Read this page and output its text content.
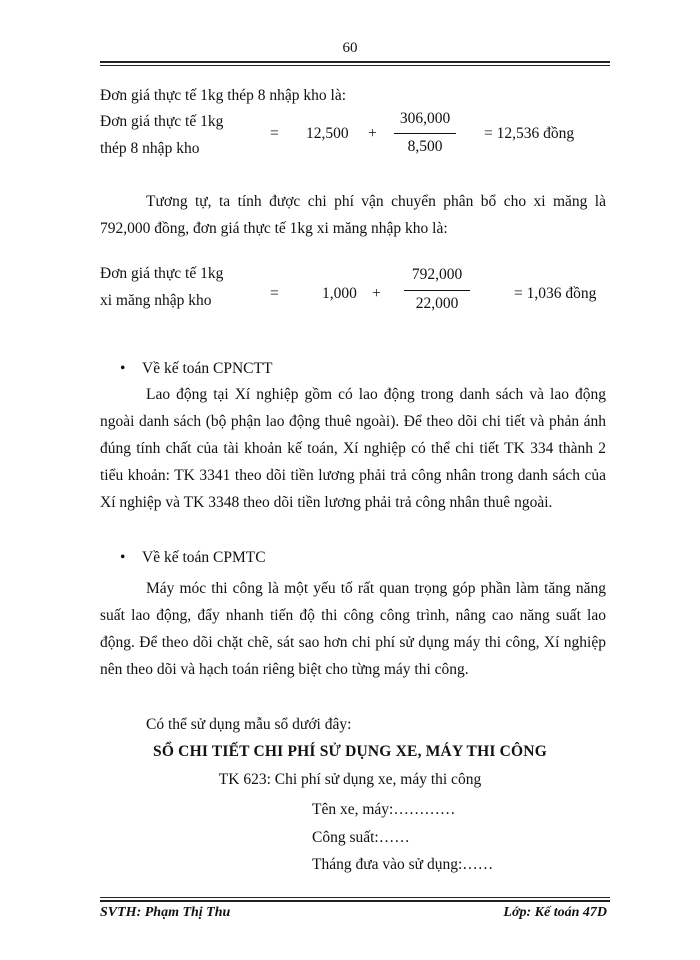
60
Đơn giá thực tế 1kg thép 8 nhập kho là:
Đơn giá thực tế 1kg
thép 8 nhập kho
= 12,500 +
306,000
8,500
= 12,536 đồng
Tương tự, ta tính được chi phí vận chuyển phân bổ cho xi măng là 792,000 đồng, đơn giá thực tế 1kg xi măng nhập kho là:
Đơn giá thực tế 1kg
xi măng nhập kho	=	1,000 +
792,000
22,000
= 1,036 đồng
• Về kế toán CPNCTT
Lao động tại Xí nghiệp gồm có lao động trong danh sách và lao động ngoài danh sách (bộ phận lao động thuê ngoài). Để theo dõi chi tiết và phản ánh đúng tính chất của tài khoản kế toán, Xí nghiệp có thể chi tiết TK 334 thành 2 tiểu khoản: TK 3341 theo dõi tiền lương phải trả công nhân trong danh sách của Xí nghiệp và TK 3348 theo dõi tiền lương phải trả công nhân thuê ngoài.
• Về kế toán CPMTC
Máy móc thi công là một yếu tố rất quan trọng góp phần làm tăng năng suất lao động, đẩy nhanh tiến độ thi công công trình, nâng cao năng suất lao động. Để theo dõi chặt chẽ, sát sao hơn chi phí sử dụng máy thi công, Xí nghiệp nên theo dõi và hạch toán riêng biệt cho từng máy thi công.
Có thể sử dụng mẫu sổ dưới đây:
SỔ CHI TIẾT CHI PHÍ SỬ DỤNG XE, MÁY THI CÔNG
TK 623: Chi phí sử dụng xe, máy thi công
Tên xe, máy:…………
Công suất:……
Tháng đưa vào sử dụng:……
SVTH: Phạm Thị Thu	Lớp: Kế toán 47D
